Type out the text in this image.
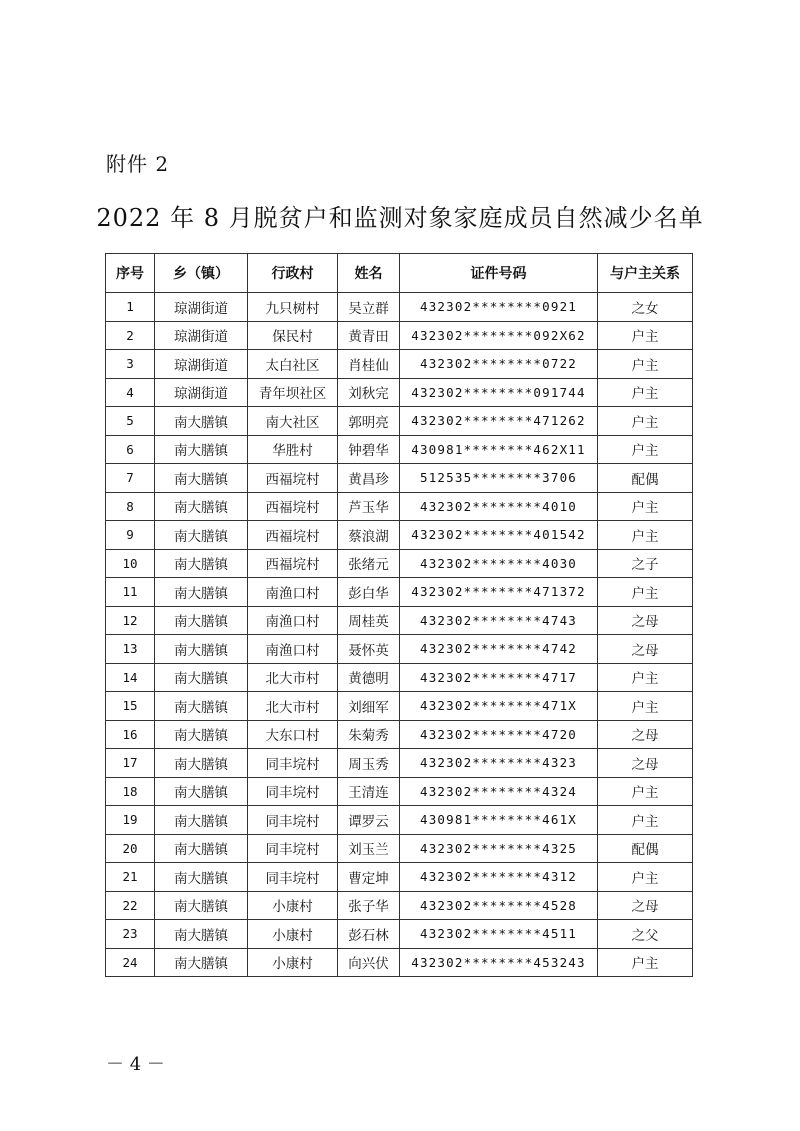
附件 2
2022 年 8 月脱贫户和监测对象家庭成员自然减少名单
序号	乡（镇）	行政村	姓名	证件号码	与户主关系
1	琼湖街道	九只树村	吴立群	432302********0921	之女
2	琼湖街道	保民村	黄青田	432302********092X62	户主
3	琼湖街道	太白社区	肖桂仙	432302********0722	户主
4	琼湖街道	青年坝社区	刘秋完	432302********091744	户主
5	南大膳镇	南大社区	郭明亮	432302********471262	户主
6	南大膳镇	华胜村	钟碧华	430981********462X11	户主
7	南大膳镇	西福垸村	黄昌珍	512535********3706	配偶
8	南大膳镇	西福垸村	芦玉华	432302********4010	户主
9	南大膳镇	西福垸村	蔡浪湖	432302********401542	户主
10	南大膳镇	西福垸村	张绪元	432302********4030	之子
11	南大膳镇	南渔口村	彭白华	432302********471372	户主
12	南大膳镇	南渔口村	周桂英	432302********4743	之母
13	南大膳镇	南渔口村	聂怀英	432302********4742	之母
14	南大膳镇	北大市村	黄德明	432302********4717	户主
15	南大膳镇	北大市村	刘细军	432302********471X	户主
16	南大膳镇	大东口村	朱菊秀	432302********4720	之母
17	南大膳镇	同丰垸村	周玉秀	432302********4323	之母
18	南大膳镇	同丰垸村	王清连	432302********4324	户主
19	南大膳镇	同丰垸村	谭罗云	430981********461X	户主
20	南大膳镇	同丰垸村	刘玉兰	432302********4325	配偶
21	南大膳镇	同丰垸村	曹定坤	432302********4312	户主
22	南大膳镇	小康村	张子华	432302********4528	之母
23	南大膳镇	小康村	彭石林	432302********4511	之父
24	南大膳镇	小康村	向兴伏	432302********453243	户主
－ 4 －
